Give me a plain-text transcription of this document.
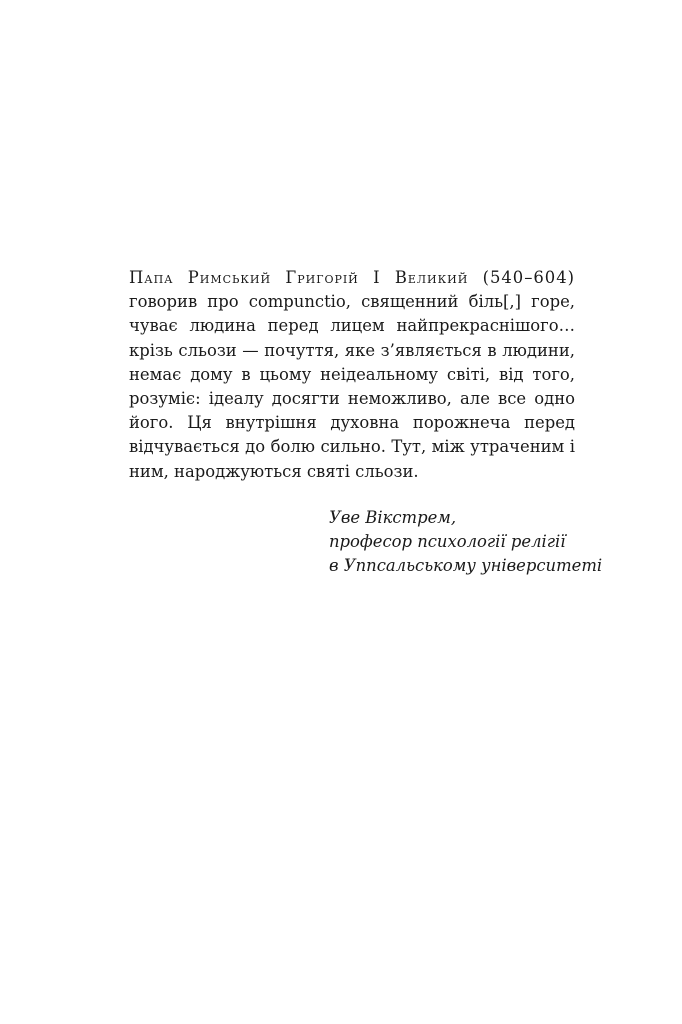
Папа Римський Григорій І Великий (540–604)
говорив про compunctio, священний біль[,] горе,
чуває людина перед лицем найпрекраснішого…
крізь сльози — почуття, яке з’являється в людини,
немає дому в цьому неідеальному світі, від того,
розуміє: ідеалу досягти неможливо, але все одно
його. Ця внутрішня духовна порожнеча перед
відчувається до болю сильно. Тут, між утраченим і
ним, народжуються святі сльози.

Уве Вікстрем,
професор психології релігії
в Уппсальському університеті
